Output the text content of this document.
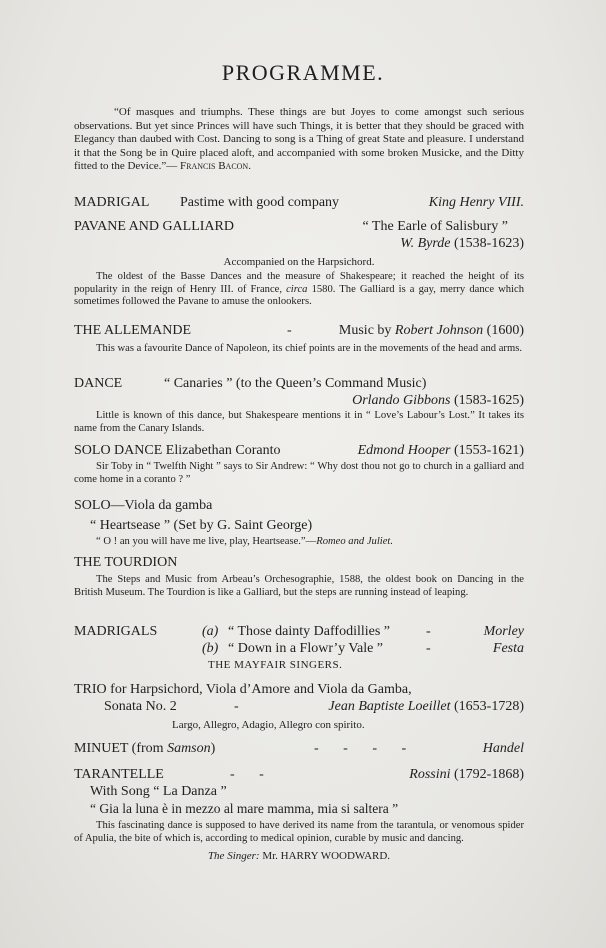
PROGRAMME.
“Of masques and triumphs. These things are but Joyes to come amongst such serious observations. But yet since Princes will have such Things, it is better that they should be graced with Elegancy than daubed with Cost. Dancing to song is a Thing of great State and pleasure. I understand it that the Song be in Quire placed aloft, and accompanied with some broken Musicke, and the Ditty fitted to the Device.”— Francis Bacon.
MADRIGAL Pastime with good company	King Henry VIII.
PAVANE AND GALLIARD	“ The Earle of Salisbury ”
W. Byrde (1538-1623)
Accompanied on the Harpsichord.
The oldest of the Basse Dances and the measure of Shakespeare; it reached the height of its popularity in the reign of Henry III. of France, circa 1580. The Galliard is a gay, merry dance which sometimes followed the Pavane to amuse the onlookers.
THE ALLEMANDE	-	Music by Robert Johnson (1600)
This was a favourite Dance of Napoleon, its chief points are in the movements of the head and arms.
DANCE	“ Canaries ” (to the Queen’s Command Music)
Orlando Gibbons (1583-1625)
Little is known of this dance, but Shakespeare mentions it in “ Love’s Labour’s Lost.” It takes its name from the Canary Islands.
SOLO DANCE Elizabethan Coranto	Edmond Hooper (1553-1621)
Sir Toby in “ Twelfth Night ” says to Sir Andrew: “ Why dost thou not go to church in a galliard and come home in a coranto ? ”
SOLO—Viola da gamba
“ Heartsease ” (Set by G. Saint George)
“ O ! an you will have me live, play, Heartsease.”—Romeo and Juliet.
THE TOURDION
The Steps and Music from Arbeau’s Orchesographie, 1588, the oldest book on Dancing in the British Museum. The Tourdion is like a Galliard, but the steps are running instead of leaping.
MADRIGALS	(a) “ Those dainty Daffodillies ”	-	Morley
(b) “ Down in a Flowr’y Vale ”	-	Festa
THE MAYFAIR SINGERS.
TRIO for Harpsichord, Viola d’Amore and Viola da Gamba,
Sonata No. 2	-	Jean Baptiste Loeillet (1653-1728)
Largo, Allegro, Adagio, Allegro con spirito.
MINUET (from Samson)	-       -       -       -	Handel
TARANTELLE	-       -	Rossini (1792-1868)
With Song “ La Danza ”
“ Gia la luna è in mezzo al mare mamma, mia si saltera ”
This fascinating dance is supposed to have derived its name from the tarantula, or venomous spider of Apulia, the bite of which is, according to medical opinion, curable by music and dancing.
The Singer: Mr. HARRY WOODWARD.
